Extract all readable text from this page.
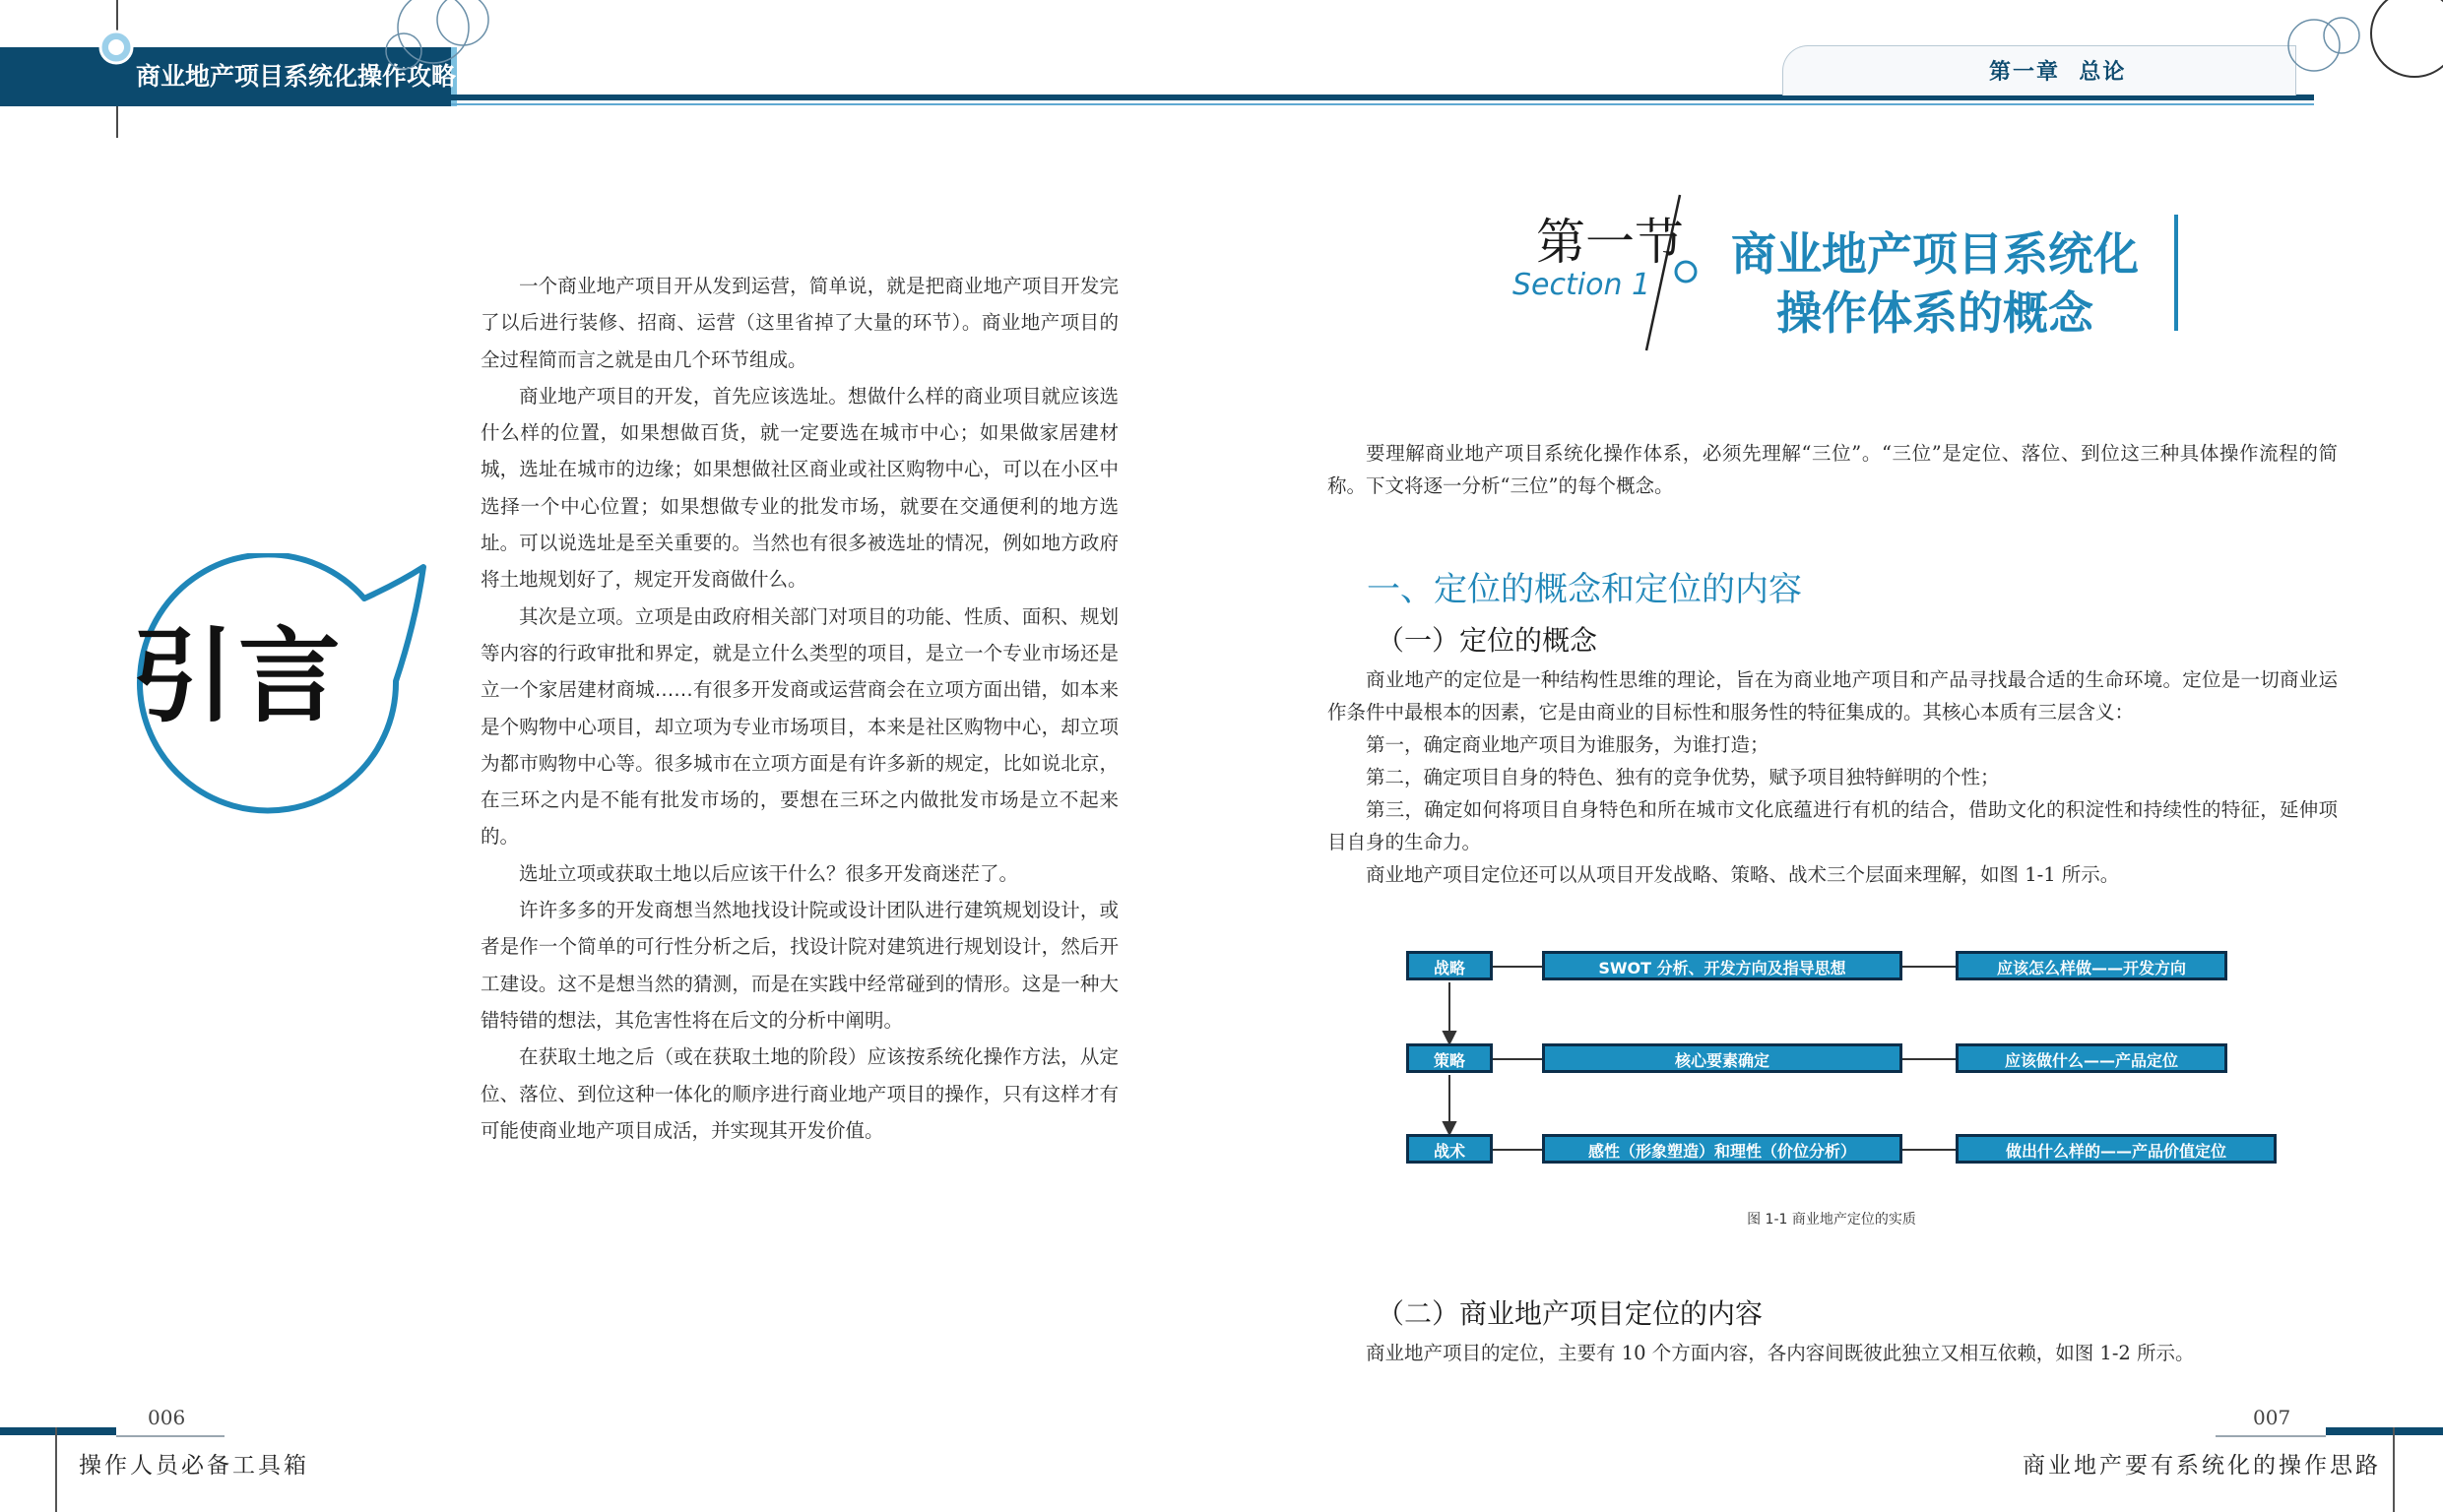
商业地产项目系统化操作攻略	第一章  总论
引言

一个商业地产项目开从发到运营，简单说，就是把商业地产项目开发完了以后进行装修、招商、运营（这里省掉了大量的环节）。商业地产项目的全过程简而言之就是由几个环节组成。

商业地产项目的开发，首先应该选址。想做什么样的商业项目就应该选什么样的位置，如果想做百货，就一定要选在城市中心；如果做家居建材城，选址在城市的边缘；如果想做社区商业或社区购物中心，可以在小区中选择一个中心位置；如果想做专业的批发市场，就要在交通便利的地方选址。可以说选址是至关重要的。当然也有很多被选址的情况，例如地方政府将土地规划好了，规定开发商做什么。

其次是立项。立项是由政府相关部门对项目的功能、性质、面积、规划等内容的行政审批和界定，就是立什么类型的项目，是立一个专业市场还是立一个家居建材商城……有很多开发商或运营商会在立项方面出错，如本来是个购物中心项目，却立项为专业市场项目，本来是社区购物中心，却立项为都市购物中心等。很多城市在立项方面是有许多新的规定，比如说北京，在三环之内是不能有批发市场的，要想在三环之内做批发市场是立不起来的。

选址立项或获取土地以后应该干什么？很多开发商迷茫了。

许许多多的开发商想当然地找设计院或设计团队进行建筑规划设计，或者是作一个简单的可行性分析之后，找设计院对建筑进行规划设计，然后开工建设。这不是想当然的猜测，而是在实践中经常碰到的情形。这是一种大错特错的想法，其危害性将在后文的分析中阐明。

在获取土地之后（或在获取土地的阶段）应该按系统化操作方法，从定位、落位、到位这种一体化的顺序进行商业地产项目的操作，只有这样才有可能使商业地产项目成活，并实现其开发价值。

第一节
Section 1
商业地产项目系统化
操作体系的概念

要理解商业地产项目系统化操作体系，必须先理解“三位”。“三位”是定位、落位、到位这三种具体操作流程的简称。下文将逐一分析“三位”的每个概念。

一、定位的概念和定位的内容
（一）定位的概念

商业地产的定位是一种结构性思维的理论，旨在为商业地产项目和产品寻找最合适的生命环境。定位是一切商业运作条件中最根本的因素，它是由商业的目标性和服务性的特征集成的。其核心本质有三层含义：

第一，确定商业地产项目为谁服务，为谁打造；

第二，确定项目自身的特色、独有的竞争优势，赋予项目独特鲜明的个性；

第三，确定如何将项目自身特色和所在城市文化底蕴进行有机的结合，借助文化的积淀性和持续性的特征，延伸项目自身的生命力。

商业地产项目定位还可以从项目开发战略、策略、战术三个层面来理解，如图 1-1 所示。

战略	SWOT 分析、开发方向及指导思想	应该怎么样做——开发方向
策略	核心要素确定	应该做什么——产品定位
战术	感性（形象塑造）和理性（价位分析）	做出什么样的——产品价值定位
图 1-1 商业地产定位的实质
（二）商业地产项目定位的内容

商业地产项目的定位，主要有 10 个方面内容，各内容间既彼此独立又相互依赖，如图 1-2 所示。

006
操作人员必备工具箱
007
商业地产要有系统化的操作思路
